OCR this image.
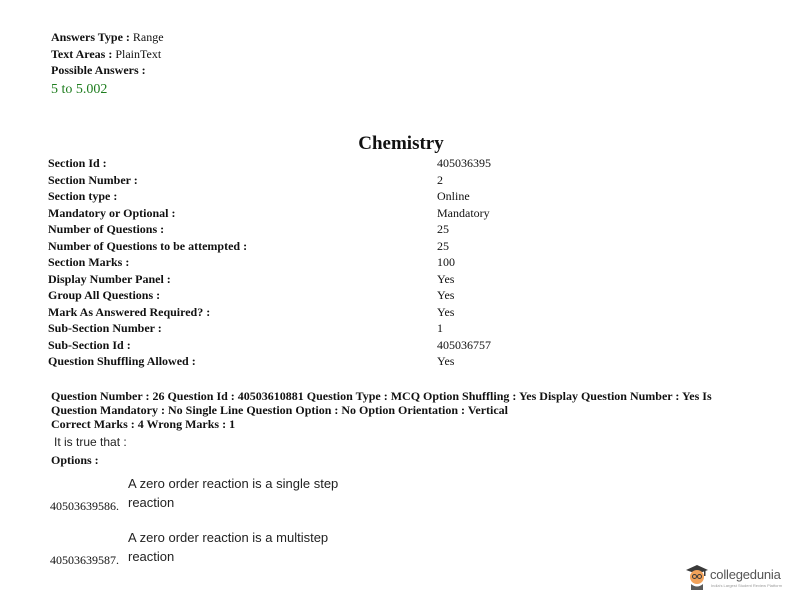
Answers Type : Range
Text Areas : PlainText
Possible Answers :
5 to 5.002
Chemistry
Section Id :	405036395
Section Number :	2
Section type :	Online
Mandatory or Optional :	Mandatory
Number of Questions :	25
Number of Questions to be attempted :	25
Section Marks :	100
Display Number Panel :	Yes
Group All Questions :	Yes
Mark As Answered Required? :	Yes
Sub-Section Number :	1
Sub-Section Id :	405036757
Question Shuffling Allowed :	Yes
Question Number : 26 Question Id : 40503610881 Question Type : MCQ Option Shuffling : Yes Display Question Number : Yes Is
Question Mandatory : No Single Line Question Option : No Option Orientation : Vertical
Correct Marks : 4 Wrong Marks : 1
It is true that :
Options :
40503639586.
A zero order reaction is a single step
reaction
40503639587.
A zero order reaction is a multistep
reaction
collegedunia
India's Largest Student Review Platform
